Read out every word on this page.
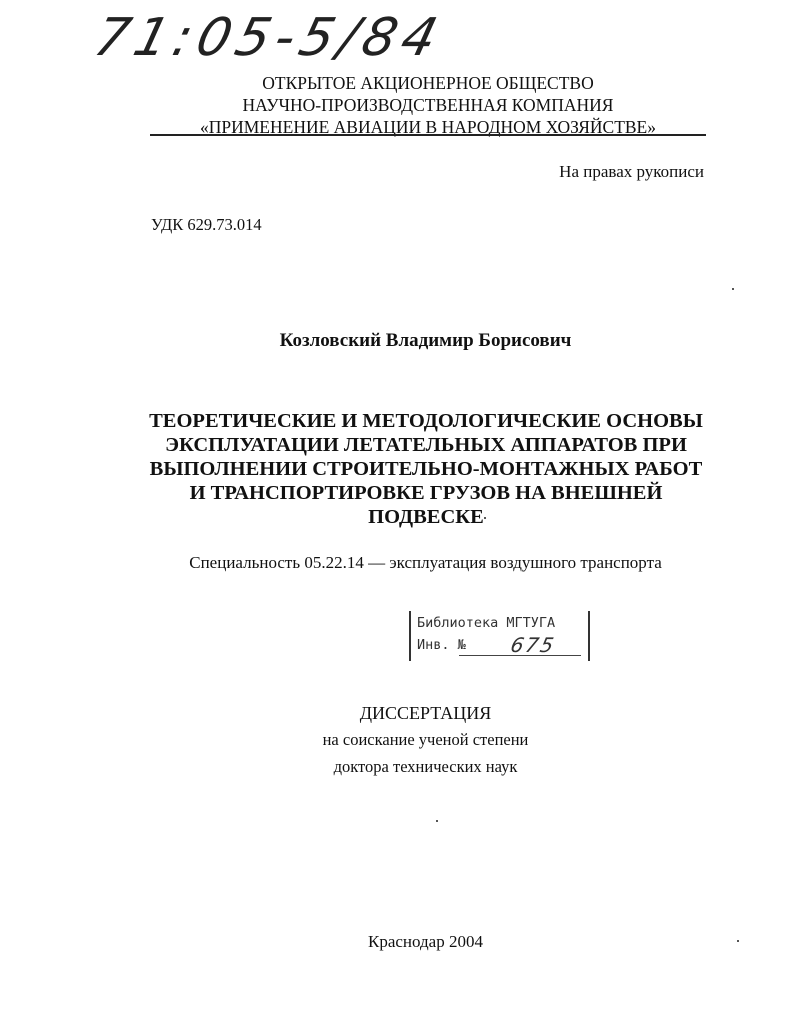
71:05-5/84
ОТКРЫТОЕ АКЦИОНЕРНОЕ ОБЩЕСТВО
НАУЧНО-ПРОИЗВОДСТВЕННАЯ КОМПАНИЯ
«ПРИМЕНЕНИЕ АВИАЦИИ В НАРОДНОМ ХОЗЯЙСТВЕ»
На правах рукописи
УДК 629.73.014
Козловский Владимир Борисович
ТЕОРЕТИЧЕСКИЕ И МЕТОДОЛОГИЧЕСКИЕ ОСНОВЫ
ЭКСПЛУАТАЦИИ ЛЕТАТЕЛЬНЫХ АППАРАТОВ ПРИ
ВЫПОЛНЕНИИ СТРОИТЕЛЬНО-МОНТАЖНЫХ РАБОТ
И ТРАНСПОРТИРОВКЕ ГРУЗОВ НА ВНЕШНЕЙ
ПОДВЕСКЕ
Специальность 05.22.14 — эксплуатация воздушного транспорта
Библиотека МГТУГА
Инв. № 675
ДИССЕРТАЦИЯ
на соискание ученой степени
доктора технических наук
Краснодар 2004
